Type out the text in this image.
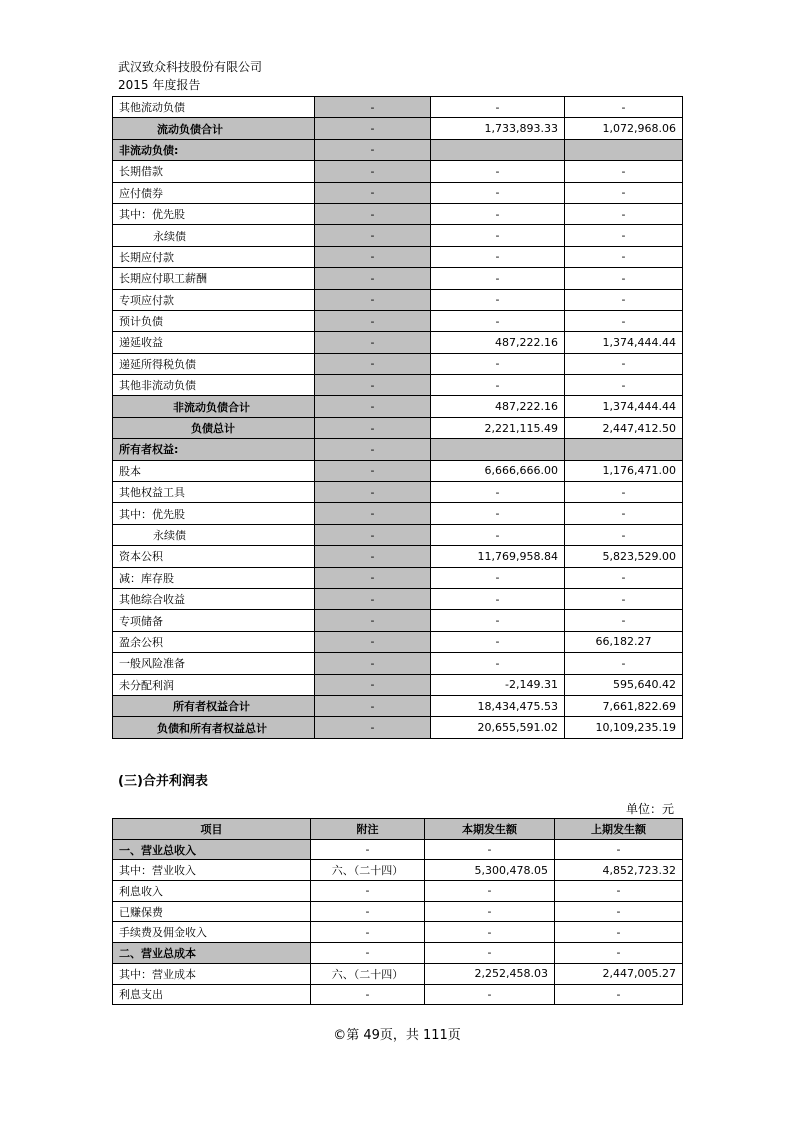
武汉致众科技股份有限公司
2015 年度报告
其他流动负债	-	-	-
流动负债合计	-	1,733,893.33	1,072,968.06
非流动负债:	-		
长期借款	-	-	-
应付债券	-	-	-
其中：优先股	-	-	-
永续债	-	-	-
长期应付款	-	-	-
长期应付职工薪酬	-	-	-
专项应付款	-	-	-
预计负债	-	-	-
递延收益	-	487,222.16	1,374,444.44
递延所得税负债	-	-	-
其他非流动负债	-	-	-
非流动负债合计	-	487,222.16	1,374,444.44
负债总计	-	2,221,115.49	2,447,412.50
所有者权益:	-		
股本	-	6,666,666.00	1,176,471.00
其他权益工具	-	-	-
其中：优先股	-	-	-
永续债	-	-	-
资本公积	-	11,769,958.84	5,823,529.00
减：库存股	-	-	-
其他综合收益	-	-	-
专项储备	-	-	-
盈余公积	-	-	66,182.27
一般风险准备	-	-	-
未分配利润	-	-2,149.31	595,640.42
所有者权益合计	-	18,434,475.53	7,661,822.69
负债和所有者权益总计	-	20,655,591.02	10,109,235.19
(三)合并利润表
单位：元
项目	附注	本期发生额	上期发生额
一、营业总收入	-	-	-
其中：营业收入	六、（二十四）	5,300,478.05	4,852,723.32
利息收入	-	-	-
已赚保费	-	-	-
手续费及佣金收入	-	-	-
二、营业总成本	-	-	-
其中：营业成本	六、（二十四）	2,252,458.03	2,447,005.27
利息支出	-	-	-
©第 49页，共 111页
